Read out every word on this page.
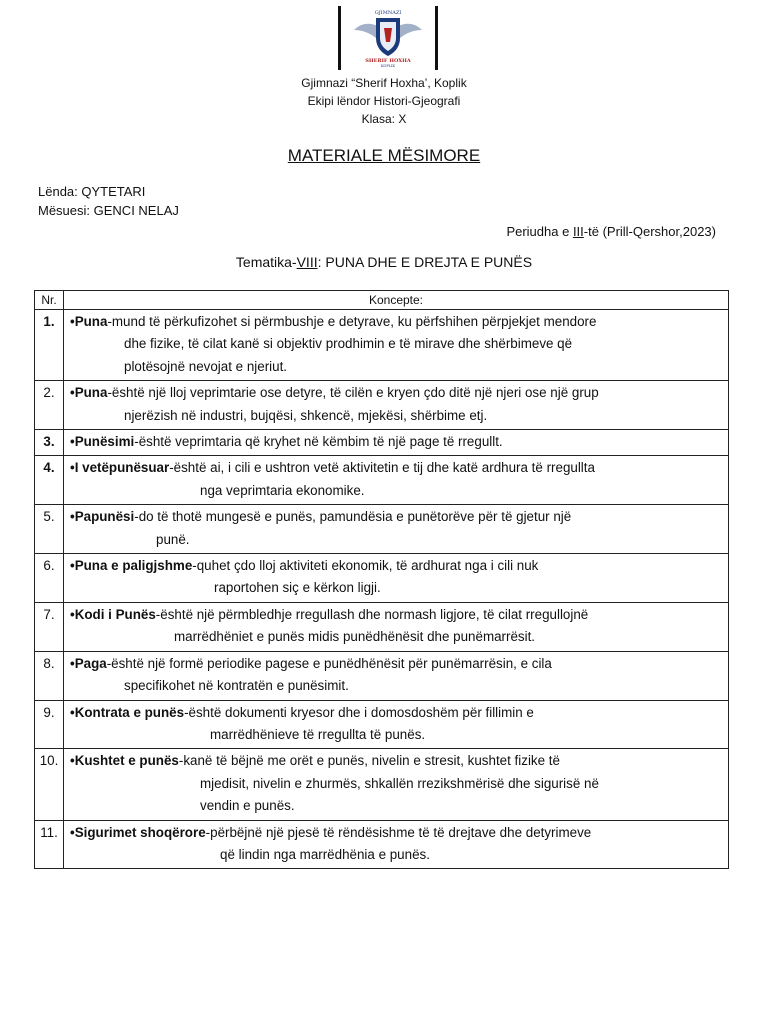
GJIMNAZI
SHERIF HOXHA
KOPLIK
Gjimnazi “Sherif Hoxha’, Koplik
Ekipi lëndor Histori-Gjeografi
Klasa: X
MATERIALE MËSIMORE
Lënda: QYTETARI
Mësuesi: GENCI NELAJ
Periudha e III-të (Prill-Qershor,2023)
Tematika-VIII: PUNA DHE E DREJTA E PUNËS
Nr.	Koncepte:
1.	•Puna-mund të përkufizohet si përmbushje e detyrave, ku përfshihen përpjekjet mendore
dhe fizike, të cilat kanë si objektiv prodhimin e të mirave dhe shërbimeve që
plotësojnë nevojat e njeriut.

2.	•Puna-është një lloj veprimtarie ose detyre, të cilën e kryen çdo ditë një njeri ose një grup
njerëzish në industri, bujqësi, shkencë, mjekësi, shërbime etj.

3.	•Punësimi-është veprimtaria që kryhet në këmbim të një page të rregullt.

4.	•I vetëpunësuar-është ai, i cili e ushtron vetë aktivitetin e tij dhe katë ardhura të rregullta
nga veprimtaria ekonomike.

5.	•Papunësi-do të thotë mungesë e punës, pamundësia e punëtorëve për të gjetur një
punë.

6.	•Puna e paligjshme-quhet çdo lloj aktiviteti ekonomik, të ardhurat nga i cili nuk
raportohen siç e kërkon ligji.

7.	•Kodi i Punës-është një përmbledhje rregullash dhe normash ligjore, të cilat rregullojnë
marrëdhëniet e punës midis punëdhënësit dhe punëmarrësit.

8.	•Paga-është një formë periodike pagese e punëdhënësit për punëmarrësin, e cila
specifikohet në kontratën e punësimit.

9.	•Kontrata e punës-është dokumenti kryesor dhe i domosdoshëm për fillimin e
marrëdhënieve të rregullta të punës.

10.	•Kushtet e punës-kanë të bëjnë me orët e punës, nivelin e stresit, kushtet fizike të
mjedisit, nivelin e zhurmës, shkallën rrezikshmërisë dhe sigurisë në
vendin e punës.

11.	•Sigurimet shoqërore-përbëjnë një pjesë të rëndësishme të të drejtave dhe detyrimeve
që lindin nga marrëdhënia e punës.
